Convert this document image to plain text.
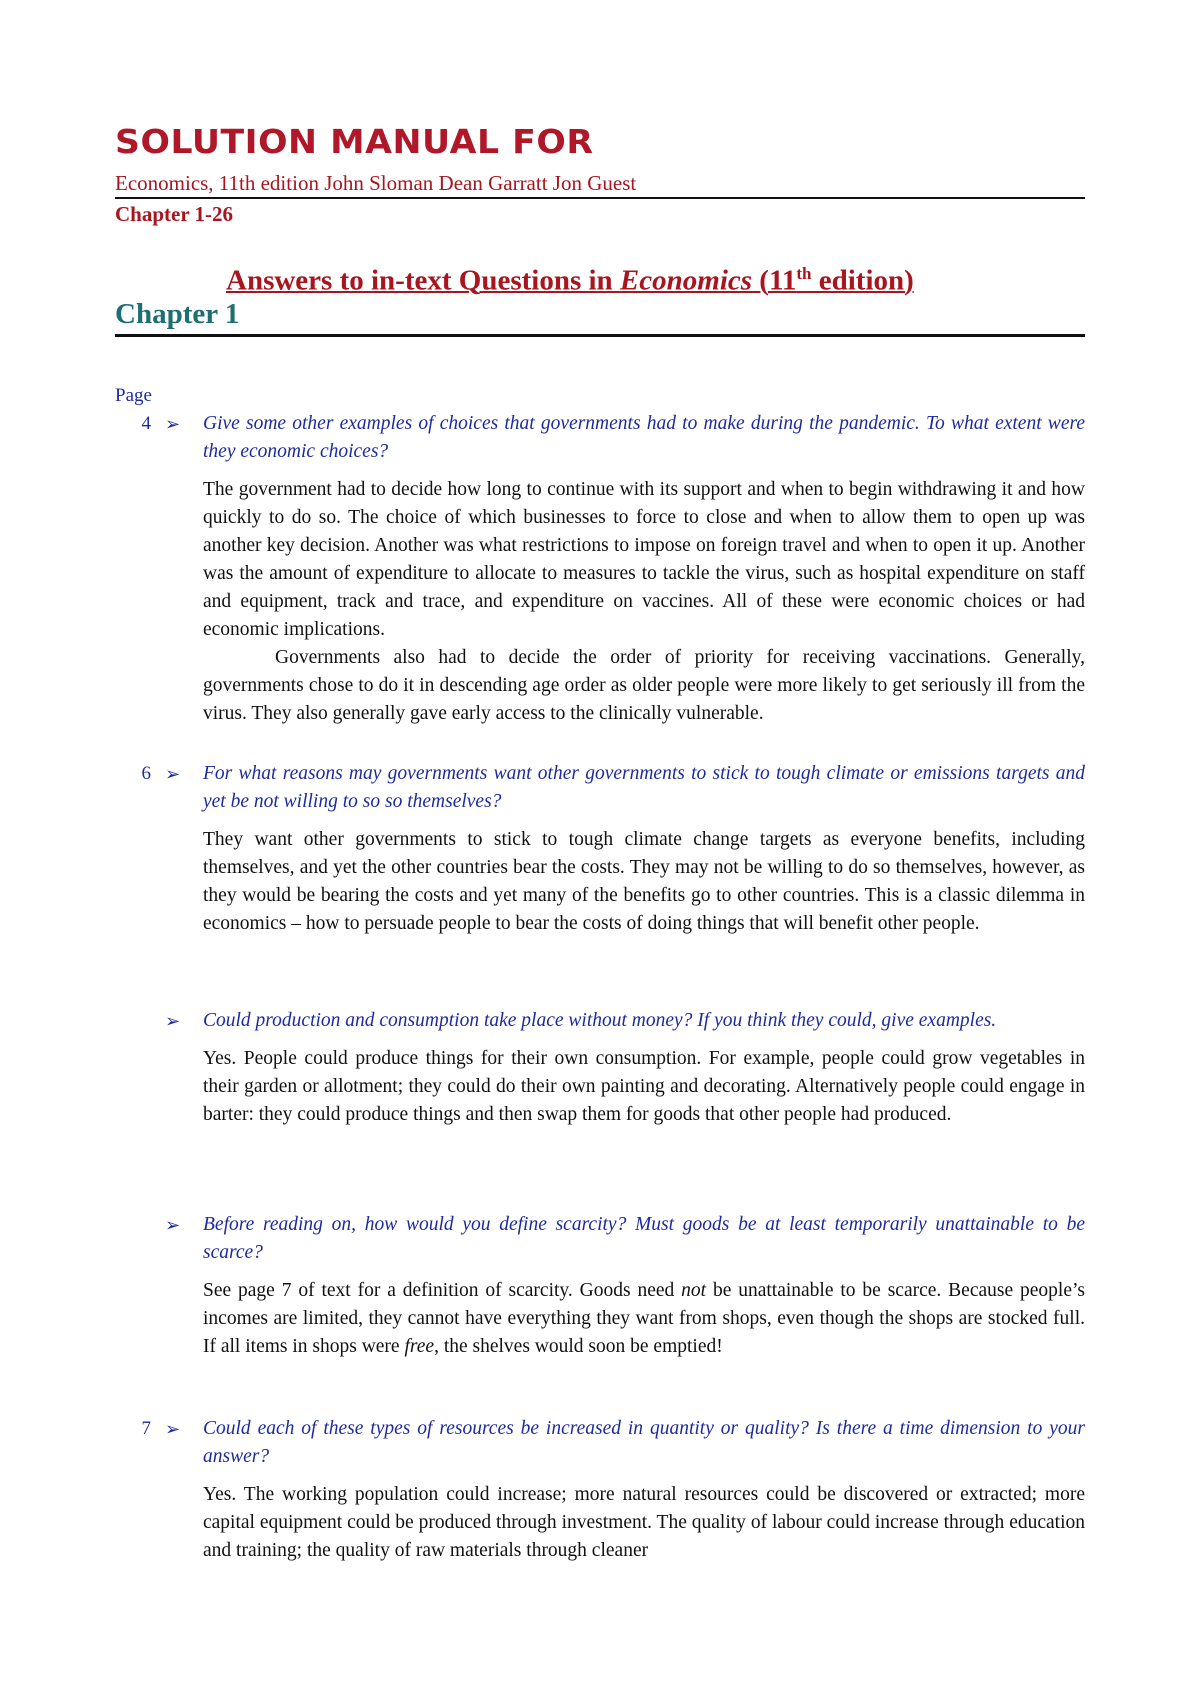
SOLUTION MANUAL FOR
Economics, 11th edition John Sloman Dean Garratt Jon Guest
Chapter 1-26
Answers to in-text Questions in Economics (11th edition)
Chapter 1
Page
4 ➢ Give some other examples of choices that governments had to make during the pandemic. To what extent were they economic choices?

The government had to decide how long to continue with its support and when to begin withdrawing it and how quickly to do so. The choice of which businesses to force to close and when to allow them to open up was another key decision. Another was what restrictions to impose on foreign travel and when to open it up. Another was the amount of expenditure to allocate to measures to tackle the virus, such as hospital expenditure on staff and equipment, track and trace, and expenditure on vaccines. All of these were economic choices or had economic implications.

Governments also had to decide the order of priority for receiving vaccinations. Generally, governments chose to do it in descending age order as older people were more likely to get seriously ill from the virus. They also generally gave early access to the clinically vulnerable.

6 ➢ For what reasons may governments want other governments to stick to tough climate or emissions targets and yet be not willing to so so themselves?

They want other governments to stick to tough climate change targets as everyone benefits, including themselves, and yet the other countries bear the costs. They may not be willing to do so themselves, however, as they would be bearing the costs and yet many of the benefits go to other countries. This is a classic dilemma in economics – how to persuade people to bear the costs of doing things that will benefit other people.

➢ Could production and consumption take place without money? If you think they could, give examples.

Yes. People could produce things for their own consumption. For example, people could grow vegetables in their garden or allotment; they could do their own painting and decorating. Alternatively people could engage in barter: they could produce things and then swap them for goods that other people had produced.

➢ Before reading on, how would you define scarcity? Must goods be at least temporarily unattainable to be scarce?

See page 7 of text for a definition of scarcity. Goods need not be unattainable to be scarce. Because people’s incomes are limited, they cannot have everything they want from shops, even though the shops are stocked full. If all items in shops were free, the shelves would soon be emptied!

7 ➢ Could each of these types of resources be increased in quantity or quality? Is there a time dimension to your answer?

Yes. The working population could increase; more natural resources could be discovered or extracted; more capital equipment could be produced through investment. The quality of labour could increase through education and training; the quality of raw materials through cleaner
